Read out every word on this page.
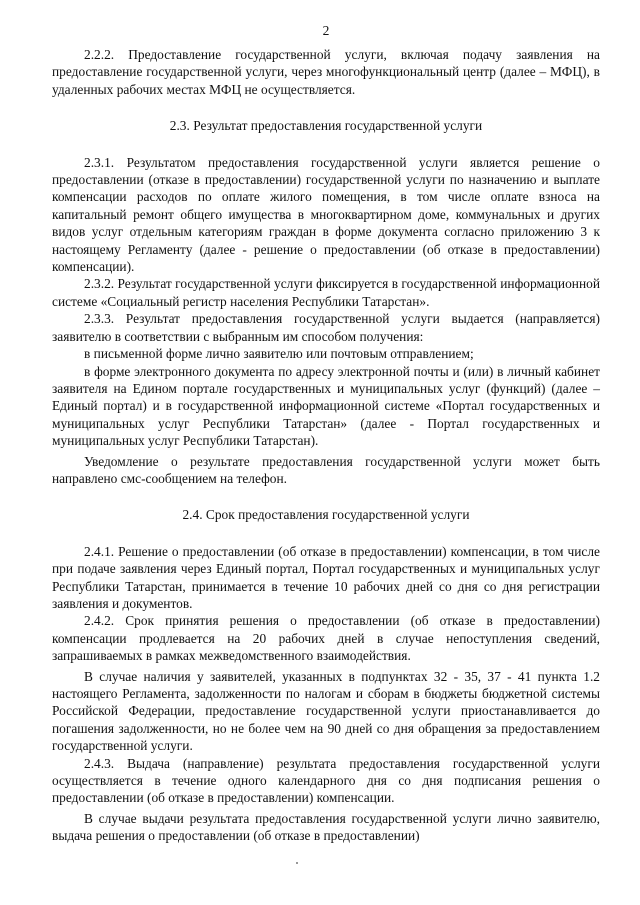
2

2.2.2. Предоставление государственной услуги, включая подачу заявления на предоставление государственной услуги, через многофункциональный центр (далее – МФЦ), в удаленных рабочих местах МФЦ не осуществляется.

2.3. Результат предоставления государственной услуги

2.3.1. Результатом предоставления государственной услуги является решение о предоставлении (отказе в предоставлении) государственной услуги по назначению и выплате компенсации расходов по оплате жилого помещения, в том числе оплате взноса на капитальный ремонт общего имущества в многоквартирном доме, коммунальных и других видов услуг отдельным категориям граждан в форме документа согласно приложению 3 к настоящему Регламенту (далее - решение о предоставлении (об отказе в предоставлении) компенсации).

2.3.2. Результат государственной услуги фиксируется в государственной информационной системе «Социальный регистр населения Республики Татарстан».

2.3.3. Результат предоставления государственной услуги выдается (направляется) заявителю в соответствии с выбранным им способом получения:

в письменной форме лично заявителю или почтовым отправлением;

в форме электронного документа по адресу электронной почты и (или) в личный кабинет заявителя на Едином портале государственных и муниципальных услуг (функций) (далее – Единый портал) и в государственной информационной системе «Портал государственных и муниципальных услуг Республики Татарстан» (далее - Портал государственных и муниципальных услуг Республики Татарстан).

Уведомление о результате предоставления государственной услуги может быть направлено смс-сообщением на телефон.

2.4. Срок предоставления государственной услуги

2.4.1. Решение о предоставлении (об отказе в предоставлении) компенсации, в том числе при подаче заявления через Единый портал, Портал государственных и муниципальных услуг Республики Татарстан, принимается в течение 10 рабочих дней со дня со дня регистрации заявления и документов.

2.4.2. Срок принятия решения о предоставлении (об отказе в предоставлении) компенсации продлевается на 20 рабочих дней в случае непоступления сведений, запрашиваемых в рамках межведомственного взаимодействия.

В случае наличия у заявителей, указанных в подпунктах 32 - 35, 37 - 41 пункта 1.2 настоящего Регламента, задолженности по налогам и сборам в бюджеты бюджетной системы Российской Федерации, предоставление государственной услуги приостанавливается до погашения задолженности, но не более чем на 90 дней со дня обращения за предоставлением государственной услуги.

2.4.3. Выдача (направление) результата предоставления государственной услуги осуществляется в течение одного календарного дня со дня подписания решения о предоставлении (об отказе в предоставлении) компенсации.

В случае выдачи результата предоставления государственной услуги лично заявителю, выдача решения о предоставлении (об отказе в предоставлении)
